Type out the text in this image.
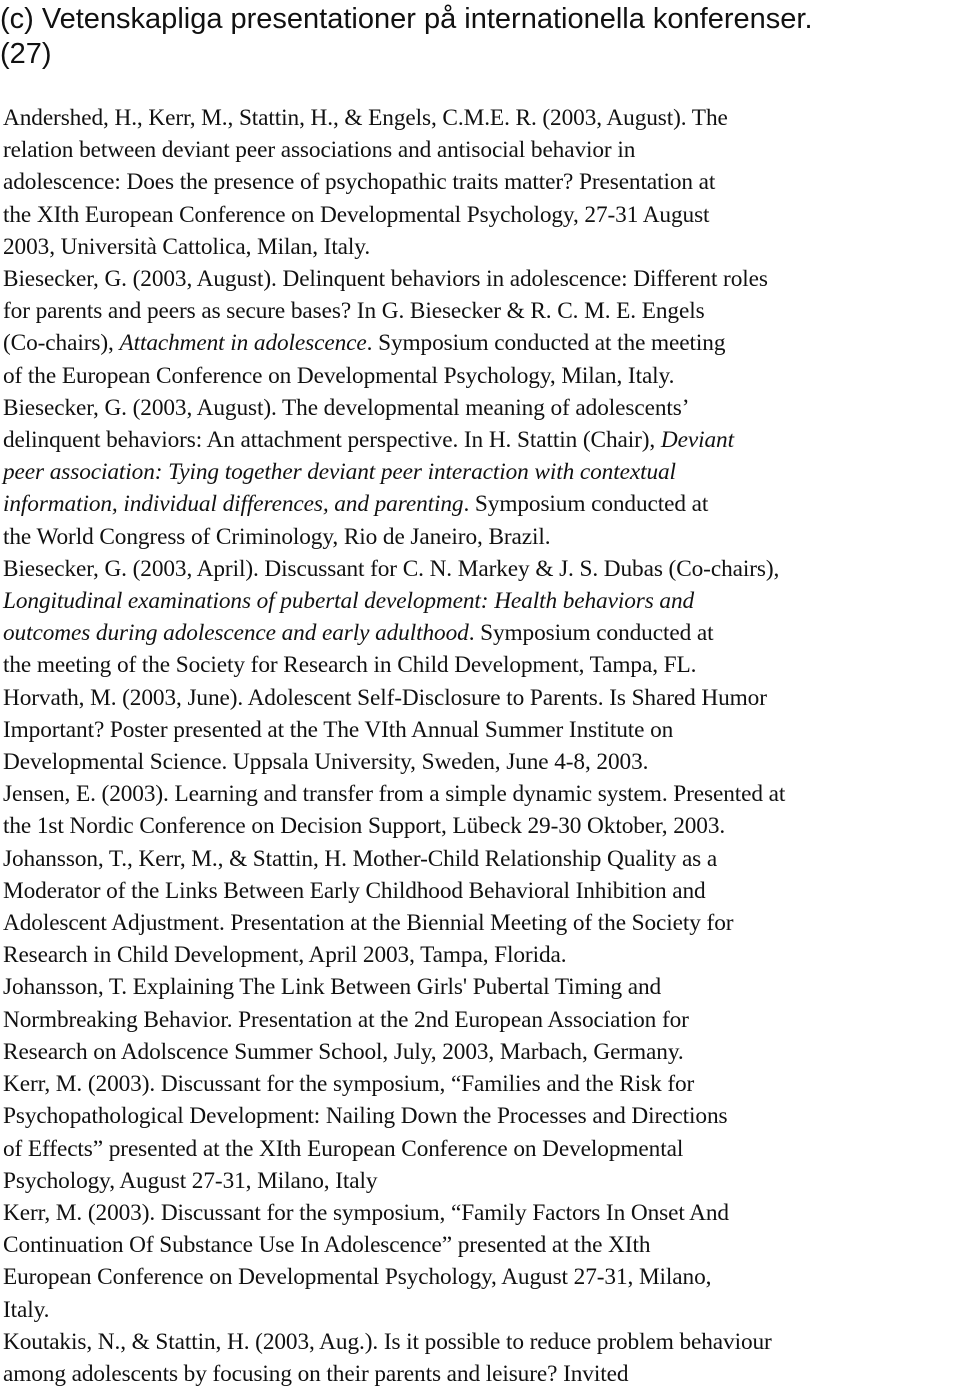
(c) Vetenskapliga presentationer på internationella konferenser.
(27)

Andershed, H., Kerr, M., Stattin, H., & Engels, C.M.E. R. (2003, August). The
relation between deviant peer associations and antisocial behavior in
adolescence: Does the presence of psychopathic traits matter? Presentation at
the XIth European Conference on Developmental Psychology, 27-31 August
2003, Università Cattolica, Milan, Italy.

Biesecker, G. (2003, August). Delinquent behaviors in adolescence: Different roles
for parents and peers as secure bases? In G. Biesecker & R. C. M. E. Engels
(Co-chairs), Attachment in adolescence. Symposium conducted at the meeting
of the European Conference on Developmental Psychology, Milan, Italy.

Biesecker, G. (2003, August). The developmental meaning of adolescents’
delinquent behaviors: An attachment perspective. In H. Stattin (Chair), Deviant
peer association: Tying together deviant peer interaction with contextual
information, individual differences, and parenting. Symposium conducted at
the World Congress of Criminology, Rio de Janeiro, Brazil.

Biesecker, G. (2003, April). Discussant for C. N. Markey & J. S. Dubas (Co-chairs),
Longitudinal examinations of pubertal development: Health behaviors and
outcomes during adolescence and early adulthood. Symposium conducted at
the meeting of the Society for Research in Child Development, Tampa, FL.

Horvath, M. (2003, June). Adolescent Self-Disclosure to Parents. Is Shared Humor
Important? Poster presented at the The VIth Annual Summer Institute on
Developmental Science. Uppsala University, Sweden, June 4-8, 2003.

Jensen, E. (2003). Learning and transfer from a simple dynamic system. Presented at
the 1st Nordic Conference on Decision Support, Lübeck 29-30 Oktober, 2003.

Johansson, T., Kerr, M., & Stattin, H. Mother-Child Relationship Quality as a
Moderator of the Links Between Early Childhood Behavioral Inhibition and
Adolescent Adjustment. Presentation at the Biennial Meeting of the Society for
Research in Child Development, April 2003, Tampa, Florida.

Johansson, T. Explaining The Link Between Girls' Pubertal Timing and
Normbreaking Behavior. Presentation at the 2nd European Association for
Research on Adolscence Summer School, July, 2003, Marbach, Germany.

Kerr, M. (2003). Discussant for the symposium, “Families and the Risk for
Psychopathological Development: Nailing Down the Processes and Directions
of Effects” presented at the XIth European Conference on Developmental
Psychology, August 27-31, Milano, Italy

Kerr, M. (2003). Discussant for the symposium, “Family Factors In Onset And
Continuation Of Substance Use In Adolescence” presented at the XIth
European Conference on Developmental Psychology, August 27-31, Milano,
Italy.

Koutakis, N., & Stattin, H. (2003, Aug.). Is it possible to reduce problem behaviour
among adolescents by focusing on their parents and leisure? Invited
